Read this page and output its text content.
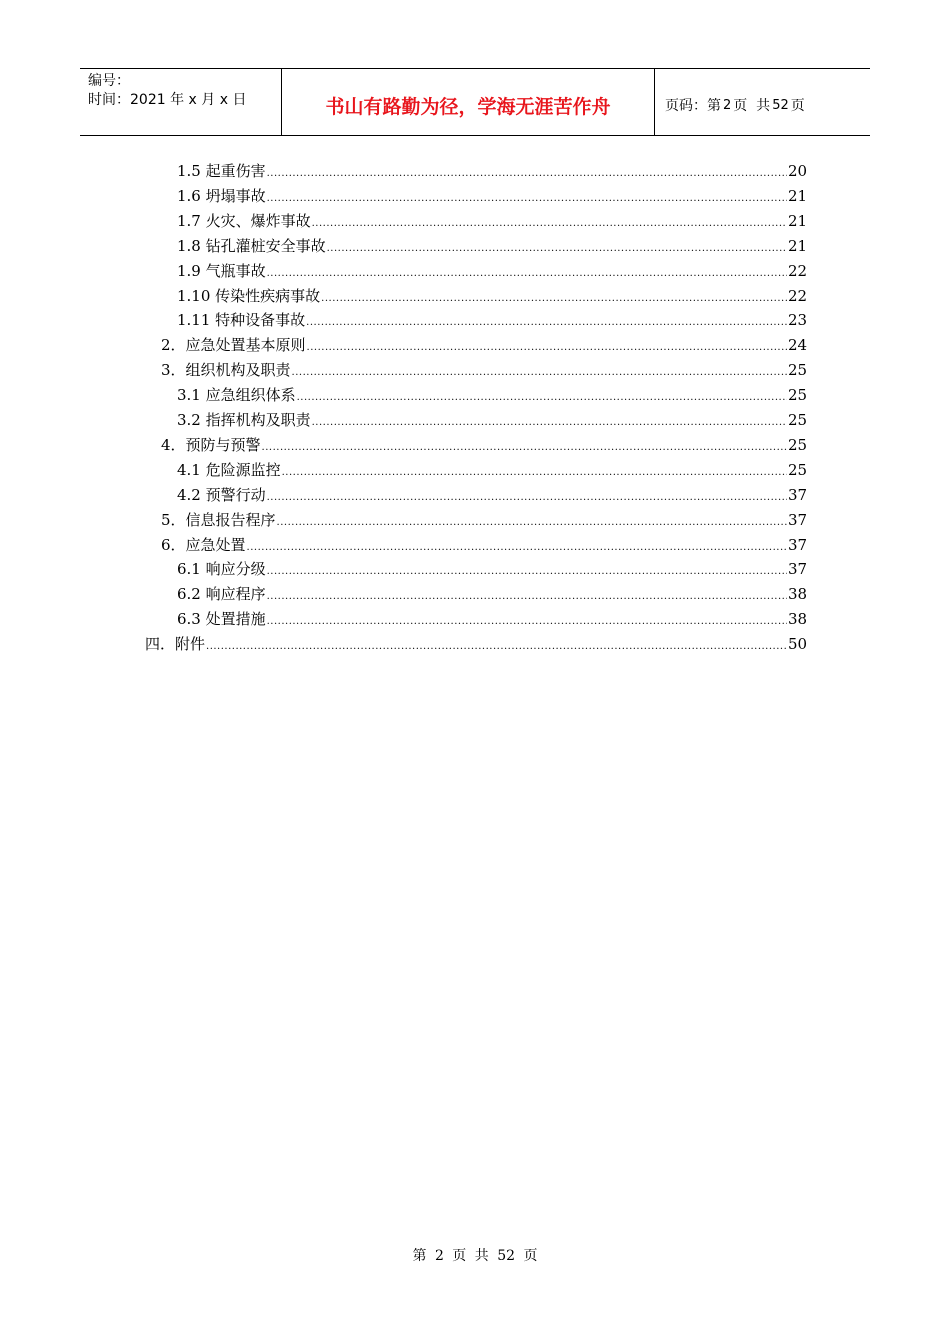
编号：
时间：2021 年 x 月 x 日	书山有路勤为径，学海无涯苦作舟	页码：第 2 页  共 52 页
1.5 起重伤害 .....	20
1.6 坍塌事故 .....	21
1.7 火灾、爆炸事故 .....	21
1.8 钻孔灌桩安全事故 .....	21
1.9 气瓶事故 .....	22
1.10 传染性疾病事故 .....	22
1.11 特种设备事故 .....	23
2．应急处置基本原则 .....	24
3．组织机构及职责 .....	25
3.1 应急组织体系 .....	25
3.2 指挥机构及职责 .....	25
4．预防与预警 .....	25
4.1 危险源监控 .....	25
4.2 预警行动 .....	37
5．信息报告程序 .....	37
6．应急处置 .....	37
6.1 响应分级 .....	37
6.2 响应程序 .....	38
6.3 处置措施 .....	38
四．附件 .....	50
第 2 页 共 52 页
